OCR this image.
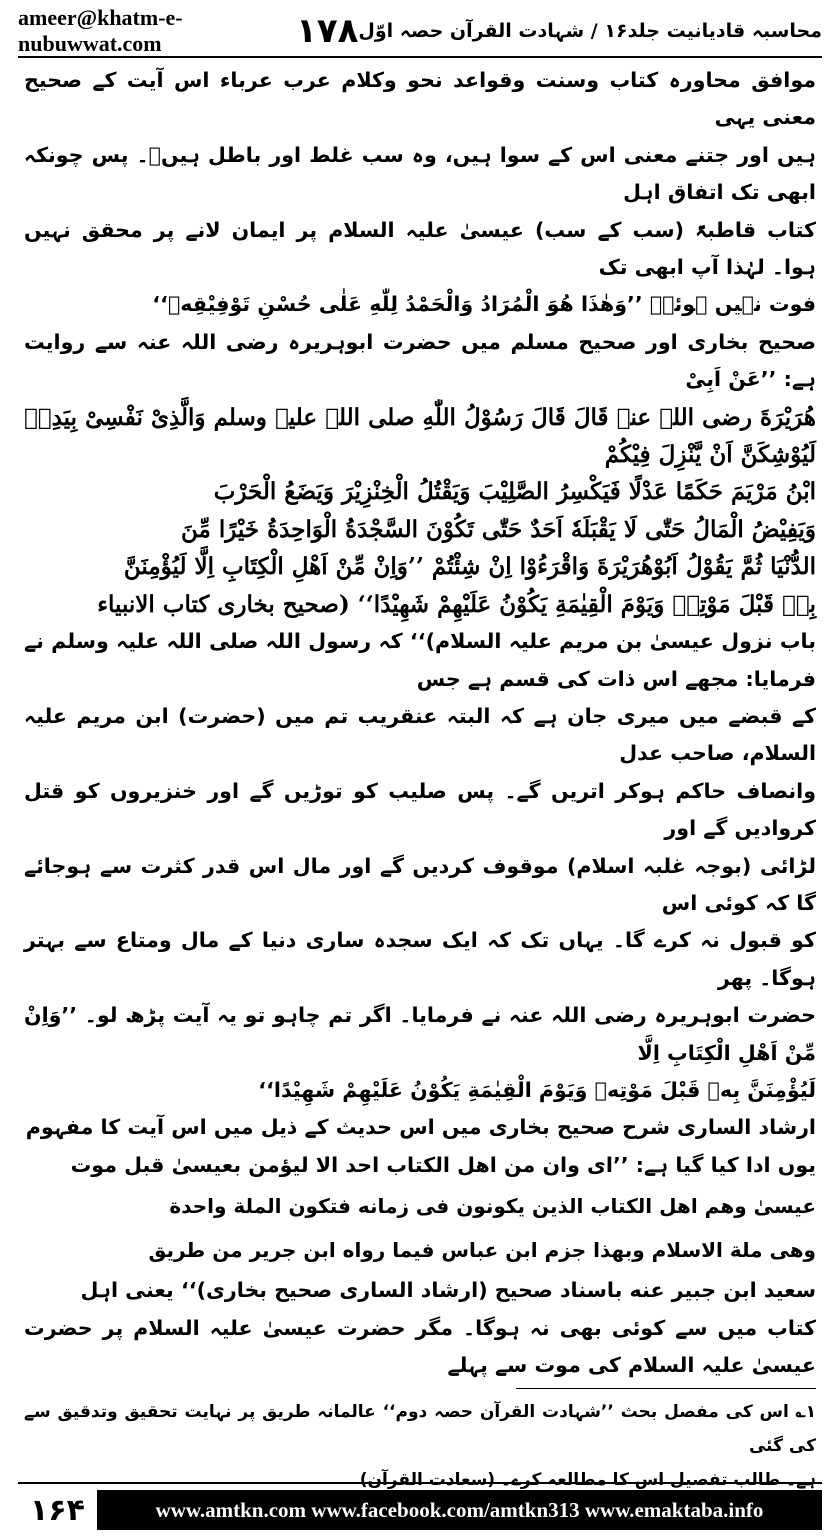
ameer@khatm-e-nubuwwat.com	۱۷۸ محاسبہ قادیانیت جلد۱۶ / شہادت القرآن حصہ اوّل

موافق محاورہ کتاب وسنت وقواعد نحو وکلام عرب عرباء اس آیت کے صحیح معنی یہی
ہیں اور جتنے معنی اس کے سوا ہیں، وہ سب غلط اور باطل ہیںؔ۔ پس چونکہ ابھی تک اتفاق اہل
کتاب قاطبۃً (سب کے سب) عیسیٰ علیہ السلام پر ایمان لانے پر محقق نہیں ہوا۔ لہٰذا آپ ابھی تک
فوت نہیں ہوئے۔ ’’وَهٰذَا هُوَ الْمُرَادُ وَالْحَمْدُ لِلّٰهِ عَلٰى حُسْنِ تَوْفِيْقِهٖ‘‘

صحیح بخاری اور صحیح مسلم میں حضرت ابوہریرہ رضی اللہ عنہ سے روایت ہے: ’’عَنْ اَبِیْ

هُرَيْرَةَ رضی اللہ عنہ قَالَ قَالَ رَسُوْلُ اللّٰهِ صلی اللہ علیہ وسلم وَالَّذِیْ نَفْسِیْ بِيَدِهٖ لَيُوْشِكَنَّ اَنْ يَّنْزِلَ فِيْكُمْ
ابْنُ مَرْيَمَ حَكَمًا عَدْلًا فَيَكْسِرُ الصَّلِيْبَ وَيَقْتُلُ الْخِنْزِيْرَ وَيَضَعُ الْحَرْبَ
وَيَفِيْضُ الْمَالُ حَتّٰى لَا يَقْبَلَهٗ اَحَدٌ حَتّٰى تَكُوْنَ السَّجْدَةُ الْوَاحِدَةُ خَيْرًا مِّنَ
الدُّنْيَا ثُمَّ يَقُوْلُ اَبُوْهُرَيْرَةَ وَاقْرَءُوْا اِنْ شِئْتُمْ ’’وَاِنْ مِّنْ اَهْلِ الْكِتَابِ اِلَّا لَيُؤْمِنَنَّ
بِهٖ قَبْلَ مَوْتِهٖ وَيَوْمَ الْقِيٰمَةِ يَكُوْنُ عَلَيْهِمْ شَهِيْدًا‘‘ (صحیح بخاری کتاب الانبیاء

باب نزول عیسیٰ بن مریم علیہ السلام)‘‘ کہ رسول اللہ صلی اللہ علیہ وسلم نے فرمایا: مجھے اس ذات کی قسم ہے جس
کے قبضے میں میری جان ہے کہ البتہ عنقریب تم میں (حضرت) ابن مریم علیہ السلام، صاحب عدل
وانصاف حاکم ہوکر اتریں گے۔ پس صلیب کو توڑیں گے اور خنزیروں کو قتل کروادیں گے اور
لڑائی (بوجہ غلبہ اسلام) موقوف کردیں گے اور مال اس قدر کثرت سے ہوجائے گا کہ کوئی اس
کو قبول نہ کرے گا۔ یہاں تک کہ ایک سجدہ ساری دنیا کے مال ومتاع سے بہتر ہوگا۔ پھر
حضرت ابوہریرہ رضی اللہ عنہ نے فرمایا۔ اگر تم چاہو تو یہ آیت پڑھ لو۔ ’’وَاِنْ مِّنْ اَهْلِ الْكِتَابِ اِلَّا
لَيُؤْمِنَنَّ بِهٖ قَبْلَ مَوْتِهٖ وَيَوْمَ الْقِيٰمَةِ يَكُوْنُ عَلَيْهِمْ شَهِيْدًا‘‘

ارشاد الساری شرح صحیح بخاری میں اس حدیث کے ذیل میں اس آیت کا مفہوم
یوں ادا کیا گیا ہے: ’’ای وان من اهل الكتاب احد الا ليؤمن بعيسیٰ قبل موت

عيسیٰ وهم اهل الكتاب الذين يكونون فی زمانه فتكون الملة واحدة
وهی ملة الاسلام وبهذا جزم ابن عباس فيما رواه ابن جرير من طريق

سعید ابن جبیر عنه باسناد صحیح (ارشاد الساری صحیح بخاری)‘‘ یعنی اہل
کتاب میں سے کوئی بھی نہ ہوگا۔ مگر حضرت عیسیٰ علیہ السلام پر حضرت عیسیٰ علیہ السلام کی موت سے پہلے

۱؎ اس کی مفصل بحث ’’شہادت القرآن حصہ دوم‘‘ عالمانہ طریق پر نہایت تحقیق وتدقیق سے کی گئی
ہے۔ طالب تفصیل اس کا مطالعہ کرے۔ (سعادت القرآن)

۱۶۴	www.amtkn.com www.facebook.com/amtkn313 www.emaktaba.info
